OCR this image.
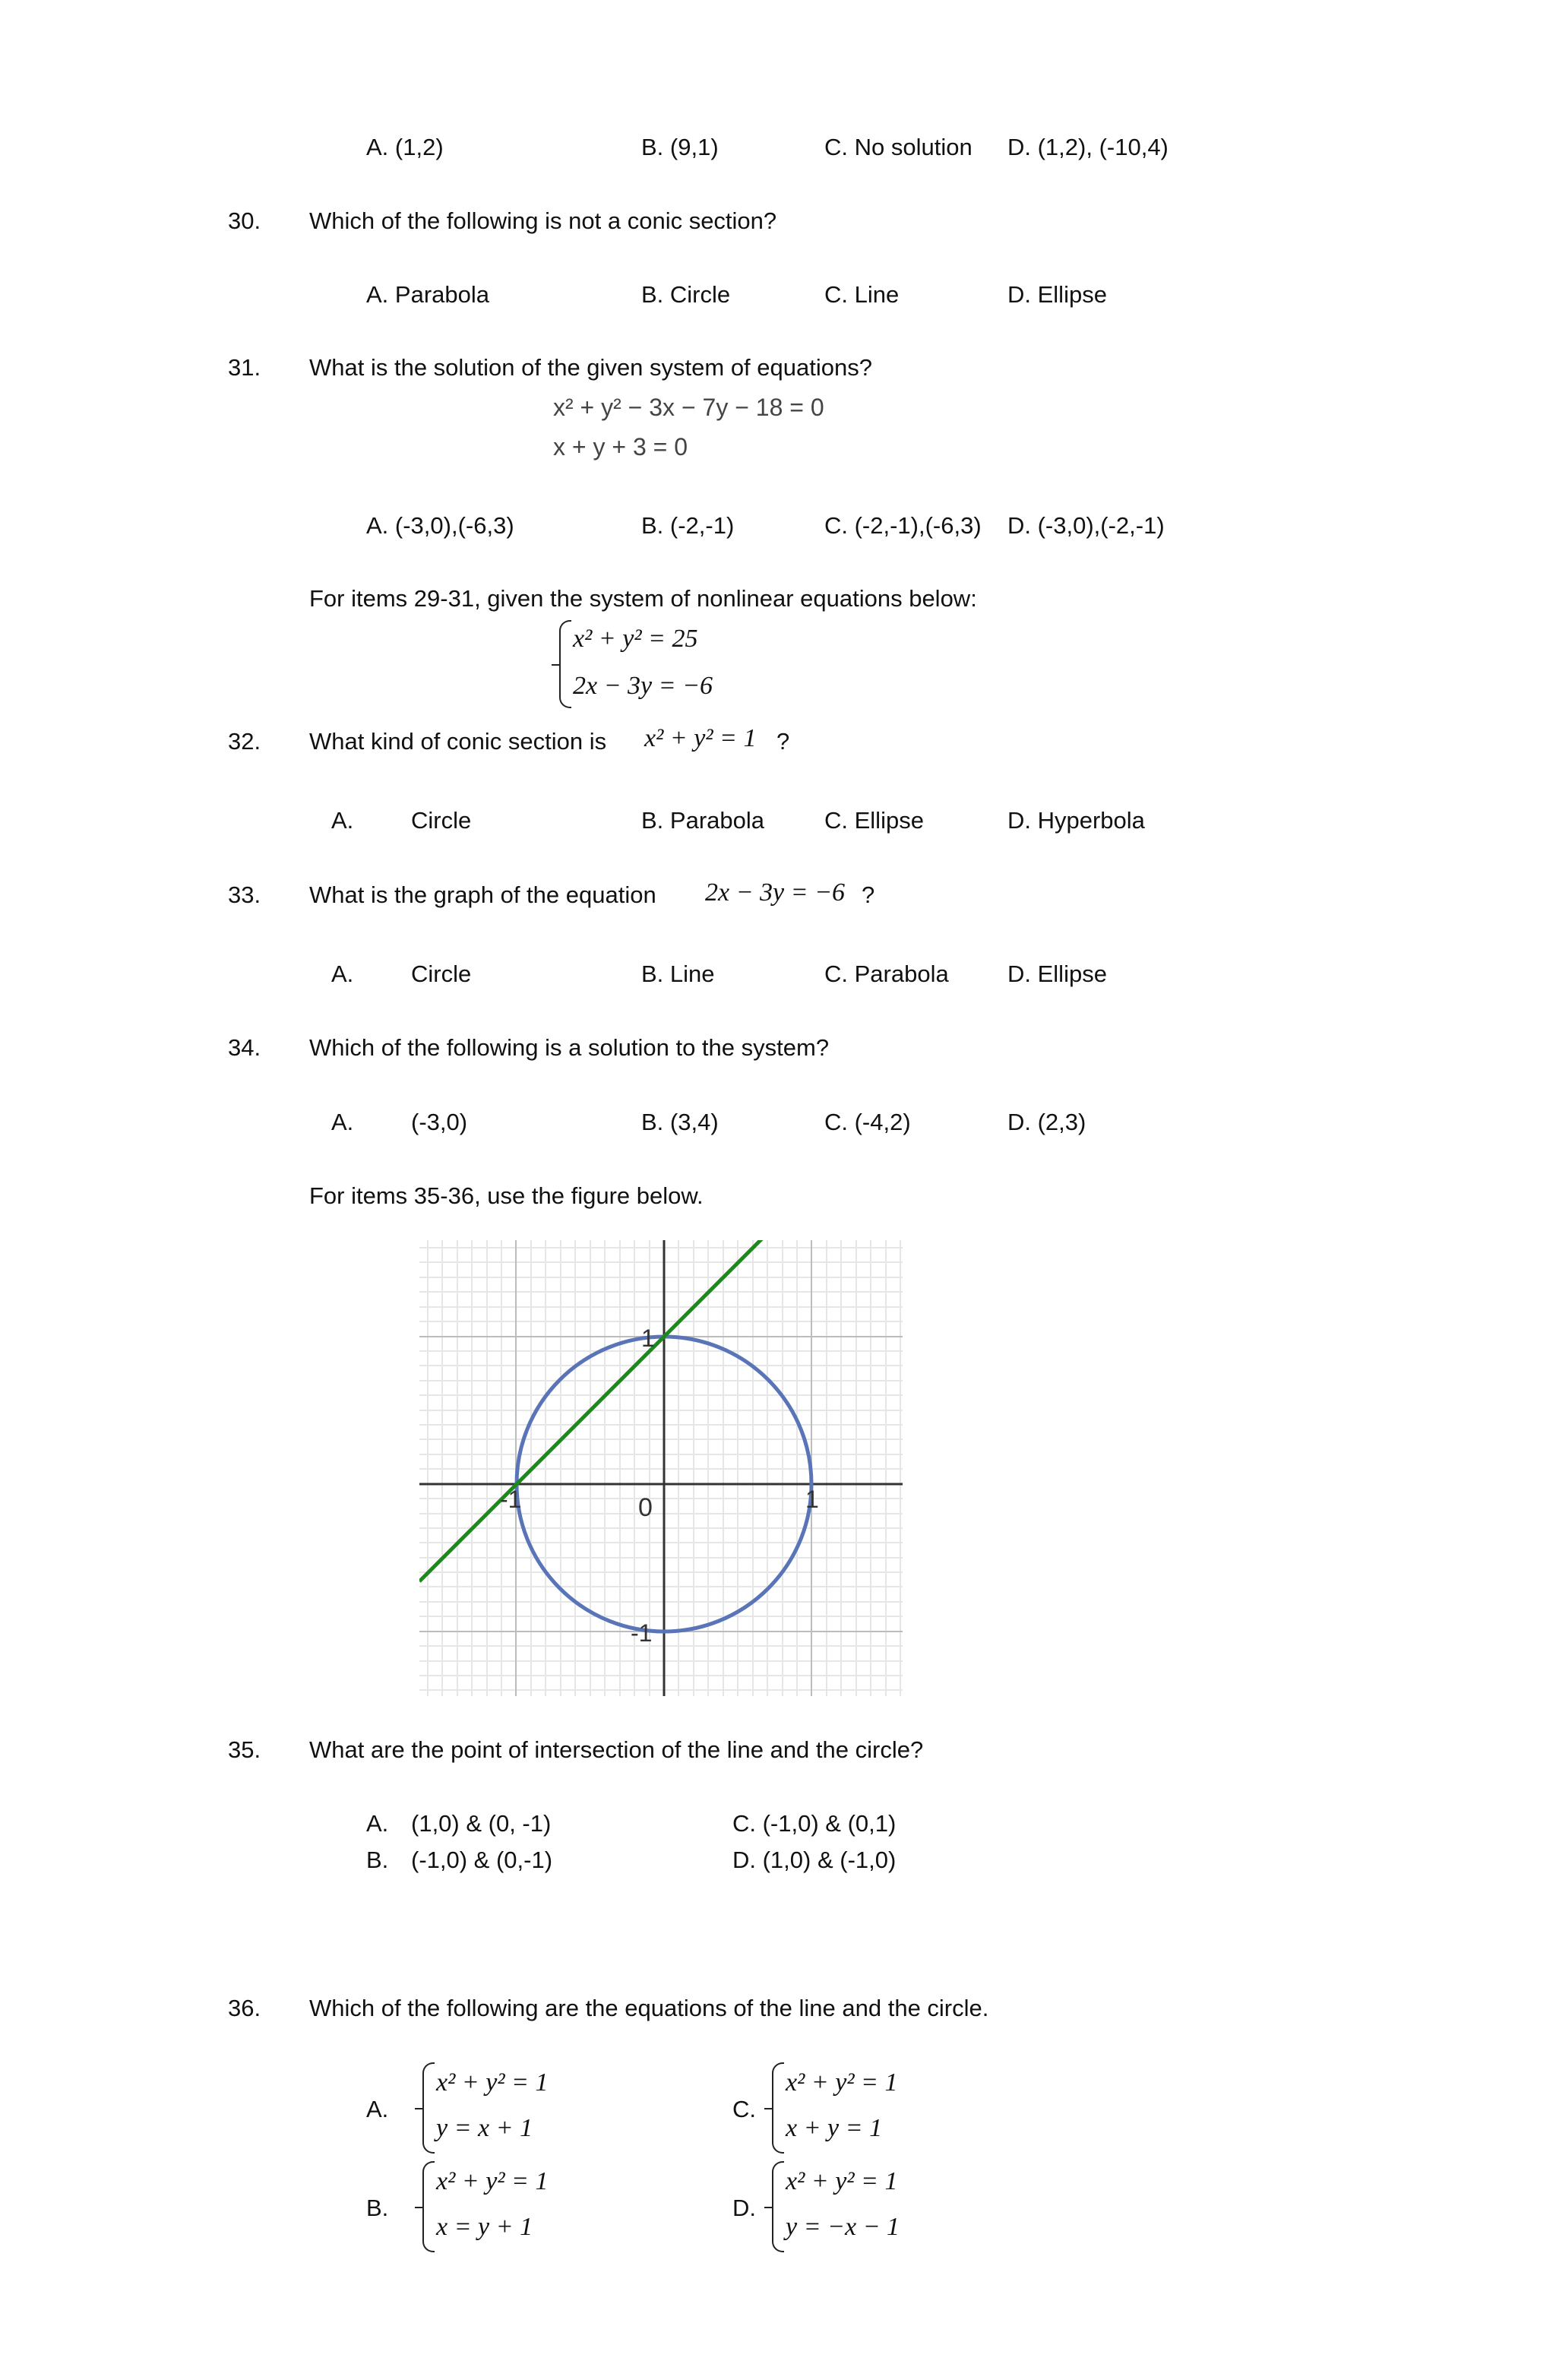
A. (1,2)	B. (9,1)	C. No solution D. (1,2), (-10,4)
30. Which of the following is not a conic section?
A. Parabola	B. Circle	C. Line	D. Ellipse
31. What is the solution of the given system of equations?
x² + y² − 3x − 7y − 18 = 0
x + y + 3 = 0
A. (-3,0),(-6,3)	B. (-2,-1)	C. (-2,-1),(-6,3) D. (-3,0),(-2,-1)
For items 29-31, given the system of nonlinear equations below:
x² + y² = 25
2x − 3y = −6
32. What kind of conic section is x² + y² = 1 ?
A. Circle	B. Parabola	C. Ellipse	D. Hyperbola
33. What is the graph of the equation 2x − 3y = −6 ?
A. Circle	B. Line	C. Parabola D. Ellipse
34. Which of the following is a solution to the system?
A. (-3,0)	B. (3,4)	C. (-4,2)	D. (2,3)
For items 35-36, use the figure below.
-1	0	1
1
-1
35. What are the point of intersection of the line and the circle?
A. (1,0) & (0, -1)
B. (-1,0) & (0,-1)
C. (-1,0) & (0,1)
D. (1,0) & (-1,0)
36. Which of the following are the equations of the line and the circle.
A.
x² + y² = 1
y = x + 1
C.
x² + y² = 1
x + y = 1
B.
x² + y² = 1
x = y + 1
D.
x² + y² = 1
y = −x − 1
